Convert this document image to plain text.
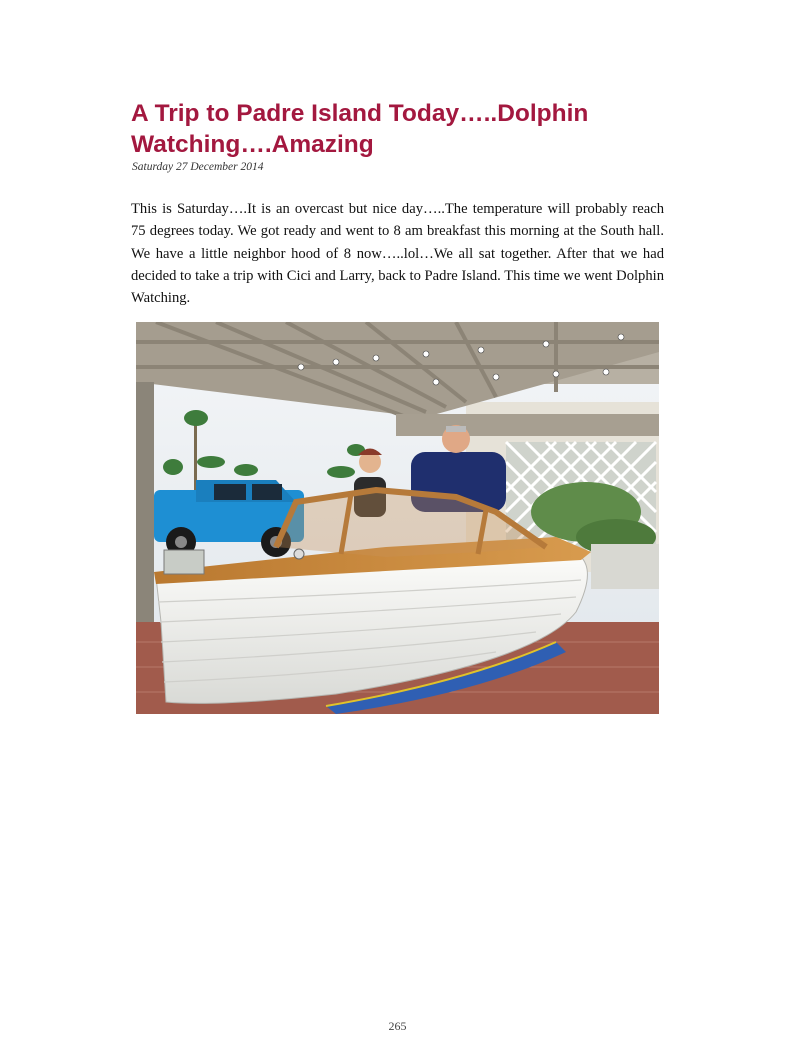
A Trip to Padre Island Today…..Dolphin Watching….Amazing
Saturday 27 December 2014

This is Saturday….It is an overcast but nice day…..The temperature will probably reach 75 degrees today. We got ready and went to 8 am breakfast this morning at the South hall. We have a little neighbor hood of 8 now…..lol…We all sat together. After that we had decided to take a trip with Cici and Larry, back to Padre Island. This time we went Dolphin Watching.

265
